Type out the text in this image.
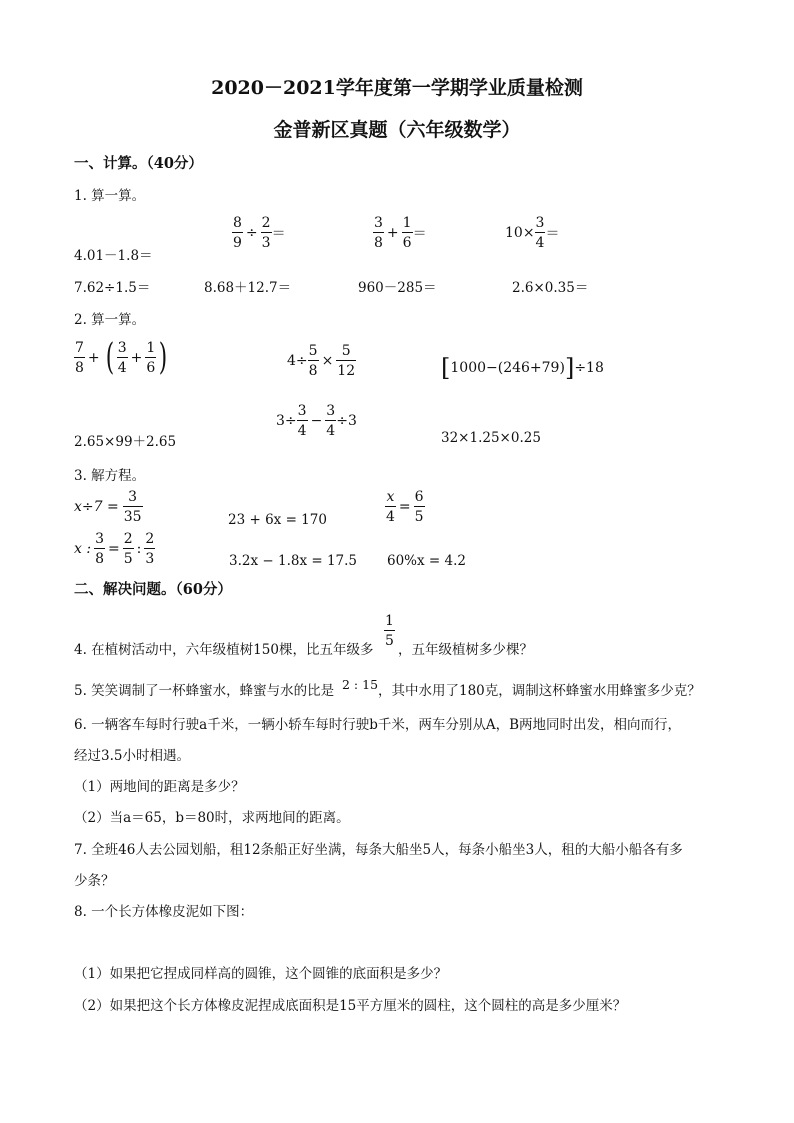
2020－2021学年度第一学期学业质量检测
金普新区真题（六年级数学）
一、计算。（40分）
1. 算一算。
4.01－1.8＝
$\frac{8}{9} \div \frac{2}{3}$ ＝	$\frac{3}{8} + \frac{1}{6}$ ＝	$10\times \frac{3}{4}$ ＝
7.62÷1.5＝	8.68＋12.7＝	960－285＝	2.6×0.35＝
2. 算一算。
$\frac{7}{8}$ + ( $\frac{3}{4} + \frac{1}{6}$ )	$4\div \frac{5}{8} \times \frac{5}{12}$	[ 1000−(246+79) ] ÷18
$3\div \frac{3}{4} - \frac{3}{4} \div 3$
2.65×99＋2.65	32×1.25×0.25
3. 解方程。
$x\div 7 = \frac{3}{35}$	23 + 6x = 170	$\frac{x}{4} = \frac{6}{5}$
x : $\frac{3}{8} = \frac{2}{5}$ : $\frac{2}{3}$	3.2x − 1.8x = 17.5 60%x = 4.2
二、解决问题。（60分）
4. 在植树活动中，六年级植树150棵，比五年级多
$\frac{1}{5}$
，五年级植树多少棵？
5. 笑笑调制了一杯蜂蜜水，蜂蜜与水的比是 2 : 15 ，其中水用了180克，调制这杯蜂蜜水用蜂蜜多少克？
6. 一辆客车每时行驶a千米，一辆小轿车每时行驶b千米，两车分别从A，B两地同时出发，相向而行，
经过3.5小时相遇。
（1）两地间的距离是多少？
（2）当a＝65，b＝80时，求两地间的距离。
7. 全班46人去公园划船，租12条船正好坐满，每条大船坐5人，每条小船坐3人，租的大船小船各有多
少条？
8. 一个长方体橡皮泥如下图：
（1）如果把它捏成同样高的圆锥，这个圆锥的底面积是多少？
（2）如果把这个长方体橡皮泥捏成底面积是15平方厘米的圆柱，这个圆柱的高是多少厘米？
